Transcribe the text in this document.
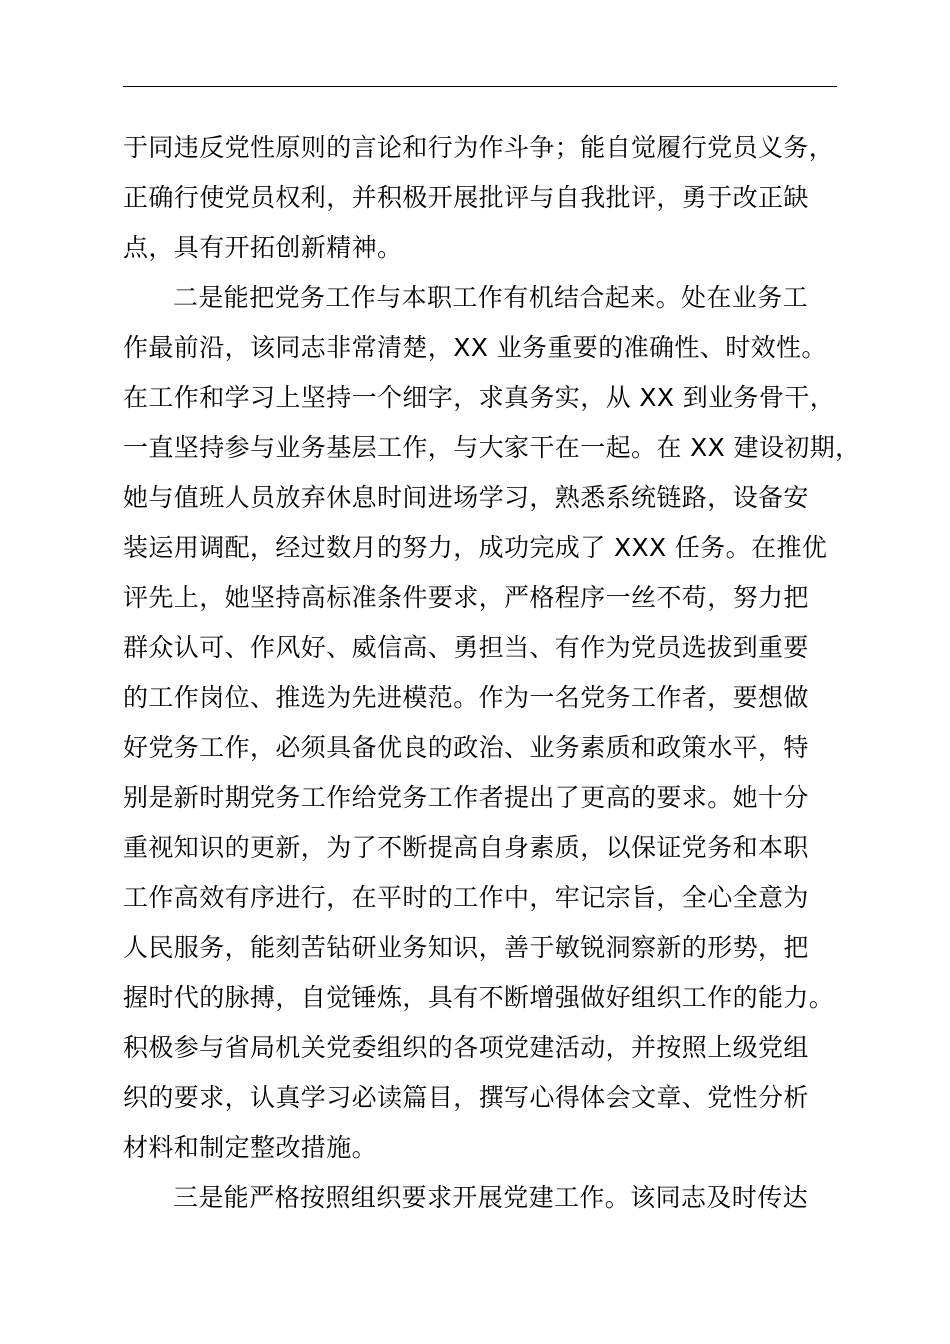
于同违反党性原则的言论和行为作斗争；能自觉履行党员义务，
正确行使党员权利，并积极开展批评与自我批评，勇于改正缺
点，具有开拓创新精神。
二是能把党务工作与本职工作有机结合起来。处在业务工
作最前沿，该同志非常清楚，XX 业务重要的准确性、时效性。
在工作和学习上坚持一个细字，求真务实，从 XX 到业务骨干，
一直坚持参与业务基层工作，与大家干在一起。在 XX 建设初期，
她与值班人员放弃休息时间进场学习，熟悉系统链路，设备安
装运用调配，经过数月的努力，成功完成了 XXX 任务。在推优
评先上，她坚持高标准条件要求，严格程序一丝不苟，努力把
群众认可、作风好、威信高、勇担当、有作为党员选拔到重要
的工作岗位、推选为先进模范。作为一名党务工作者，要想做
好党务工作，必须具备优良的政治、业务素质和政策水平，特
别是新时期党务工作给党务工作者提出了更高的要求。她十分
重视知识的更新，为了不断提高自身素质，以保证党务和本职
工作高效有序进行，在平时的工作中，牢记宗旨，全心全意为
人民服务，能刻苦钻研业务知识，善于敏锐洞察新的形势，把
握时代的脉搏，自觉锤炼，具有不断增强做好组织工作的能力。
积极参与省局机关党委组织的各项党建活动，并按照上级党组
织的要求，认真学习必读篇目，撰写心得体会文章、党性分析
材料和制定整改措施。
三是能严格按照组织要求开展党建工作。该同志及时传达
